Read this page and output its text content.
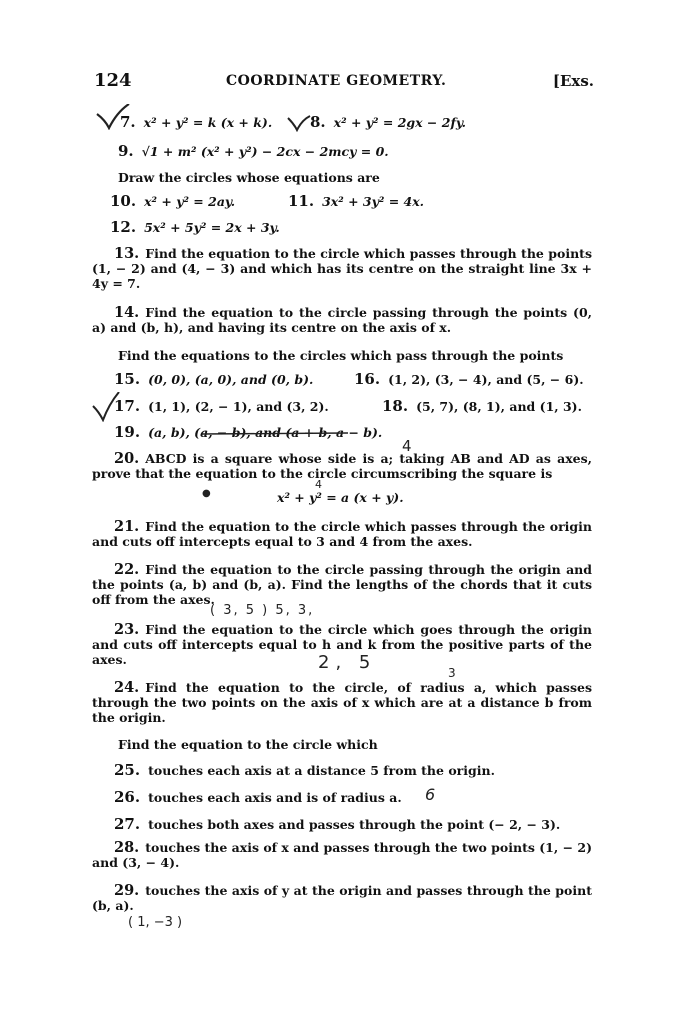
124	COORDINATE GEOMETRY.	[Exs.
7. x² + y² = k (x + k).	8. x² + y² = 2gx − 2fy.
9. √1 + m² (x² + y²) − 2cx − 2mcy = 0.
Draw the circles whose equations are
10. x² + y² = 2ay.	11. 3x² + 3y² = 4x.
12. 5x² + 5y² = 2x + 3y.
13. Find the equation to the circle which passes through the points (1, − 2) and (4, − 3) and which has its centre on the straight line 3x + 4y = 7.
14. Find the equation to the circle passing through the points (0, a) and (b, h), and having its centre on the axis of x.
Find the equations to the circles which pass through the points
15. (0, 0), (a, 0), and (0, b).	16. (1, 2), (3, − 4), and (5, − 6).
17. (1, 1), (2, − 1), and (3, 2).	18. (5, 7), (8, 1), and (1, 3).
19. (a, b), (a, − b), and (a + b, a − b).
20. ABCD is a square whose side is a; taking AB and AD as axes, prove that the equation to the circle circumscribing the square is
4
x² + y² = a (x + y).
4
●
21. Find the equation to the circle which passes through the origin and cuts off intercepts equal to 3 and 4 from the axes.
22. Find the equation to the circle passing through the origin and the points (a, b) and (b, a). Find the lengths of the chords that it cuts off from the axes.
( 3, 5 ) 5, 3,
23. Find the equation to the circle which goes through the origin and cuts off intercepts equal to h and k from the positive parts of the axes.	2, 5	3
24. Find the equation to the circle, of radius a, which passes through the two points on the axis of x which are at a distance b from the origin.
Find the equation to the circle which
25. touches each axis at a distance 5 from the origin.
26. touches each axis and is of radius a. 6
27. touches both axes and passes through the point (− 2, − 3).
28. touches the axis of x and passes through the two points (1, − 2) and (3, − 4).
29. touches the axis of y at the origin and passes through the point (b, a).
( 1, −3 )
